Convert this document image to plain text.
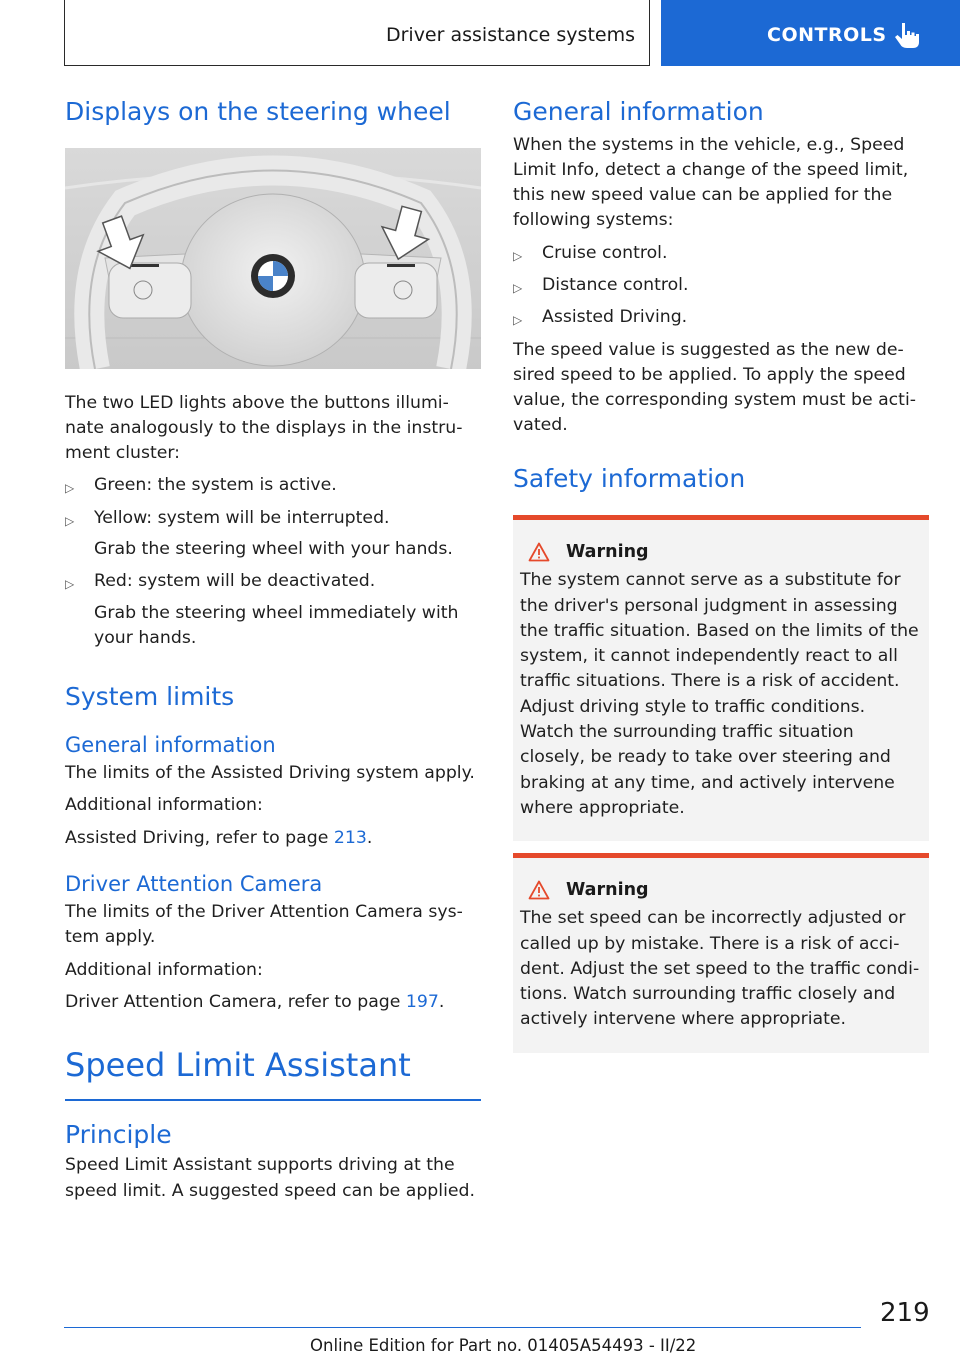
Driver assistance systems	CONTROLS
Displays on the steering wheel

The two LED lights above the buttons illuminate analogously to the displays in the instrument cluster:

▷ Green: the system is active.
▷ Yellow: system will be interrupted.
Grab the steering wheel with your hands.
▷ Red: system will be deactivated.
Grab the steering wheel immediately with your hands.
System limits
General information

The limits of the Assisted Driving system apply.

Additional information:

Assisted Driving, refer to page 213.

Driver Attention Camera

The limits of the Driver Attention Camera system apply.

Additional information:

Driver Attention Camera, refer to page 197.

Speed Limit Assistant
Principle

Speed Limit Assistant supports driving at the speed limit. A suggested speed can be applied.

General information

When the systems in the vehicle, e.g., Speed Limit Info, detect a change of the speed limit, this new speed value can be applied for the following systems:

▷ Cruise control.
▷ Distance control.
▷ Assisted Driving.

The speed value is suggested as the new desired speed to be applied. To apply the speed value, the corresponding system must be activated.

Safety information
Warning

The system cannot serve as a substitute for the driver's personal judgment in assessing the traffic situation. Based on the limits of the system, it cannot independently react to all traffic situations. There is a risk of accident. Adjust driving style to traffic conditions. Watch the surrounding traffic situation closely, be ready to take over steering and braking at any time, and actively intervene where appropriate.

Warning

The set speed can be incorrectly adjusted or called up by mistake. There is a risk of accident. Adjust the set speed to the traffic conditions. Watch surrounding traffic closely and actively intervene where appropriate.

219
Online Edition for Part no. 01405A54493 - II/22
